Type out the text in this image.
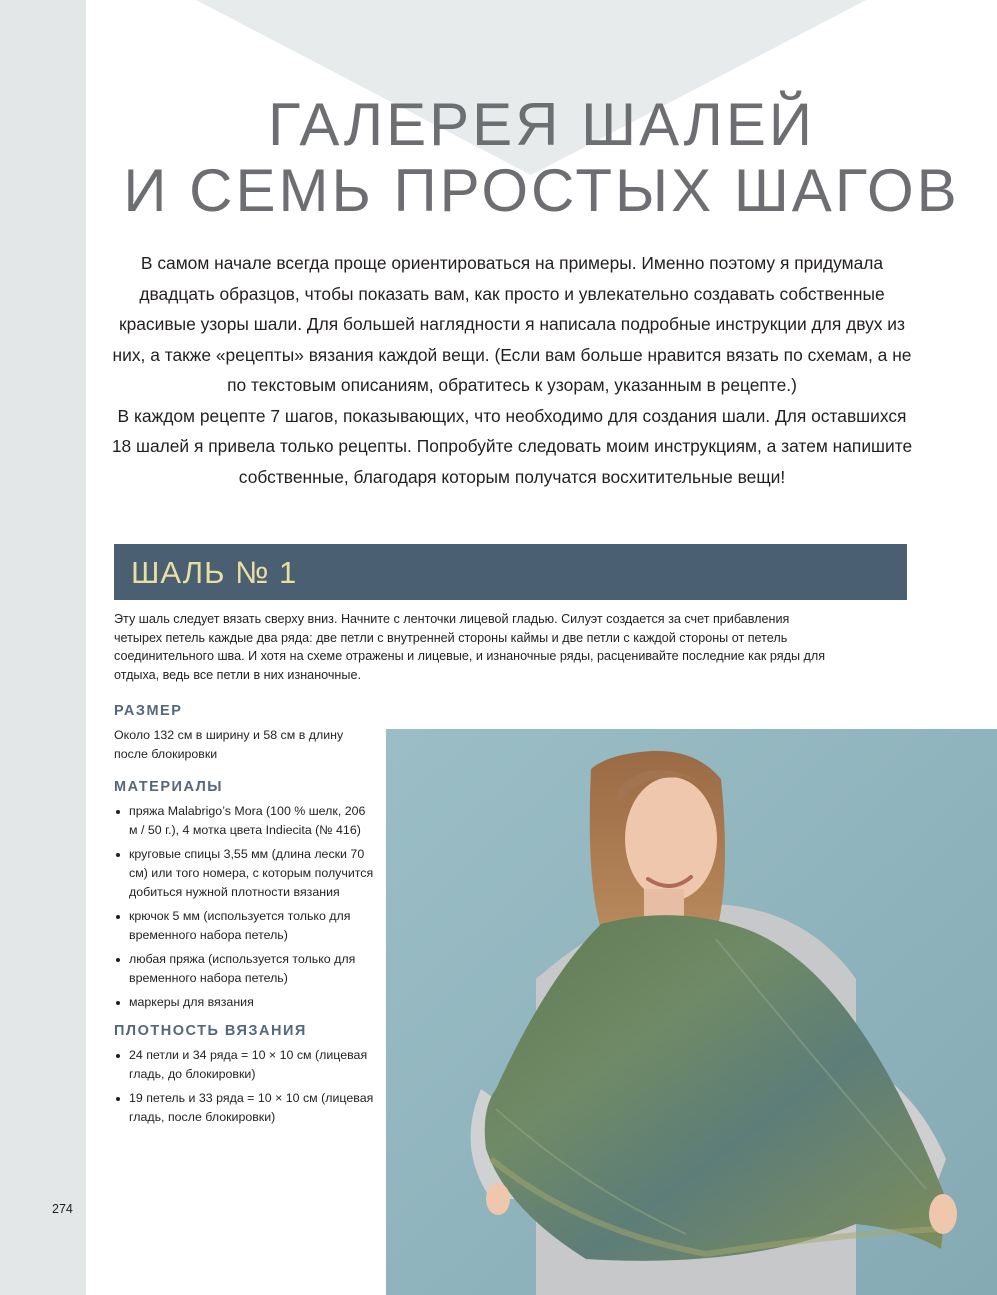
ГАЛЕРЕЯ ШАЛЕЙ
И СЕМЬ ПРОСТЫХ ШАГОВ

В самом начале всегда проще ориентироваться на примеры. Именно поэтому я придумала двадцать образцов, чтобы показать вам, как просто и увлекательно создавать собственные красивые узоры шали. Для большей наглядности я написала подробные инструкции для двух из них, а также «рецепты» вязания каждой вещи. (Если вам больше нравится вязать по схемам, а не по текстовым описаниям, обратитесь к узорам, указанным в рецепте.)

В каждом рецепте 7 шагов, показывающих, что необходимо для создания шали. Для оставшихся 18 шалей я привела только рецепты. Попробуйте следовать моим инструкциям, а затем напишите собственные, благодаря которым получатся восхитительные вещи!

ШАЛЬ № 1

Эту шаль следует вязать сверху вниз. Начните с ленточки лицевой гладью. Силуэт создается за счет прибавления четырех петель каждые два ряда: две петли с внутренней стороны каймы и две петли с каждой стороны от петель соединительного шва. И хотя на схеме отражены и лицевые, и изнаночные ряды, расценивайте последние как ряды для отдыха, ведь все петли в них изнаночные.

РАЗМЕР
Около 132 см в ширину и 58 см в длину после блокировки
МАТЕРИАЛЫ
пряжа Malabrigo’s Mora (100 % шелк, 206 м / 50 г.), 4 мотка цвета Indiecita (№ 416)
круговые спицы 3,55 мм (длина лески 70 см) или того номера, с которым получится добиться нужной плотности вязания
крючок 5 мм (используется только для временного набора петель)
любая пряжа (используется только для временного набора петель)
маркеры для вязания
ПЛОТНОСТЬ ВЯЗАНИЯ
24 петли и 34 ряда = 10 × 10 см (лицевая гладь, до блокировки)
19 петель и 33 ряда = 10 × 10 см (лицевая гладь, после блокировки)
274
